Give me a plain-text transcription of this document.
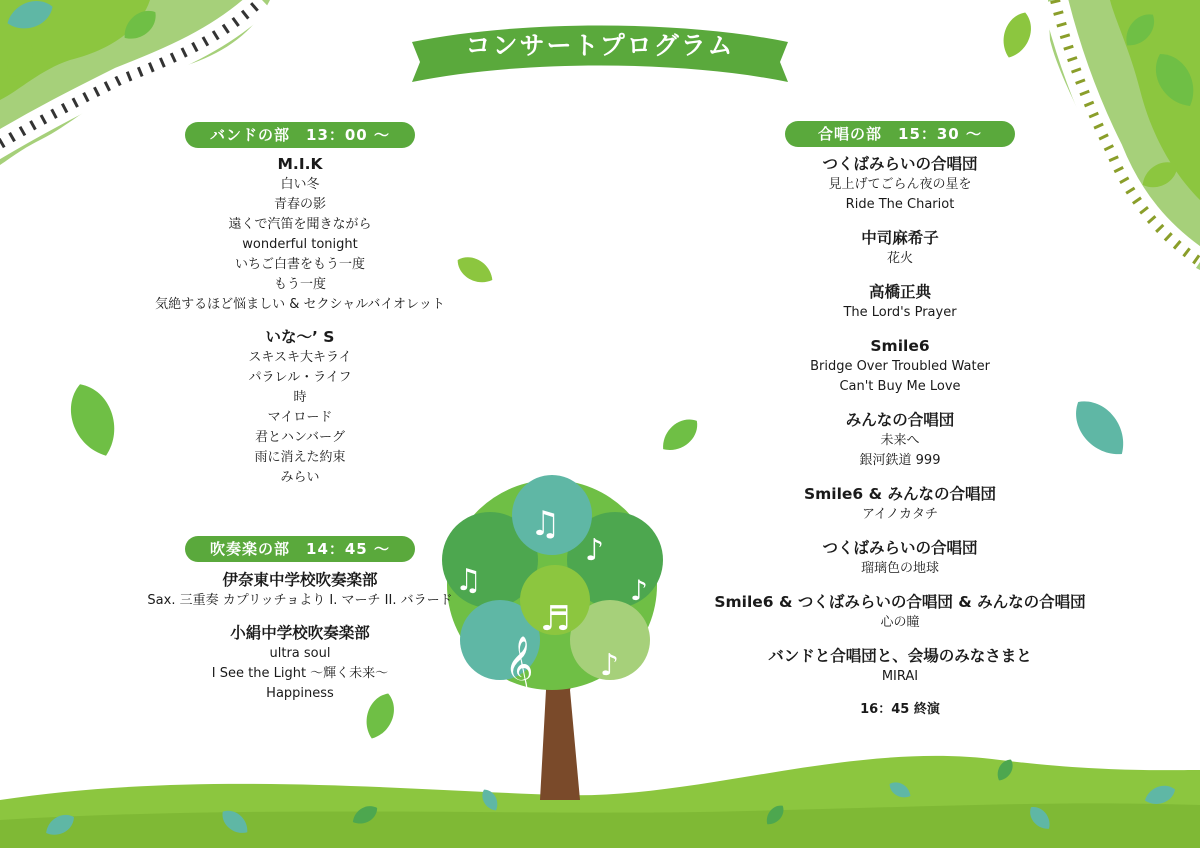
𝄞
♫
♪
♫
♬
♪
♪
コンサートプログラム
バンドの部　13：00 〜
M.I.K
白い冬
青春の影
遠くで汽笛を聞きながら
wonderful tonight
いちご白書をもう一度
もう一度
気絶するほど悩ましい & セクシャルバイオレット
いな〜’ S
スキスキ大キライ
パラレル・ライフ
時
マイロード
君とハンバーグ
雨に消えた約束
みらい
吹奏楽の部　14：45 〜
伊奈東中学校吹奏楽部
Sax. 三重奏 カプリッチョより I. マーチ II. バラード
小絹中学校吹奏楽部
ultra soul
I See the Light 〜輝く未来〜
Happiness
合唱の部　15：30 〜
つくばみらいの合唱団
見上げてごらん夜の星を
Ride The Chariot
中司麻希子
花火
高橋正典
The Lord's Prayer
Smile6
Bridge Over Troubled Water
Can't Buy Me Love
みんなの合唱団
未来へ
銀河鉄道 999
Smile6 & みんなの合唱団
アイノカタチ
つくばみらいの合唱団
瑠璃色の地球
Smile6 & つくばみらいの合唱団 & みんなの合唱団
心の瞳
バンドと合唱団と、会場のみなさまと
MIRAI
16：45 終演
